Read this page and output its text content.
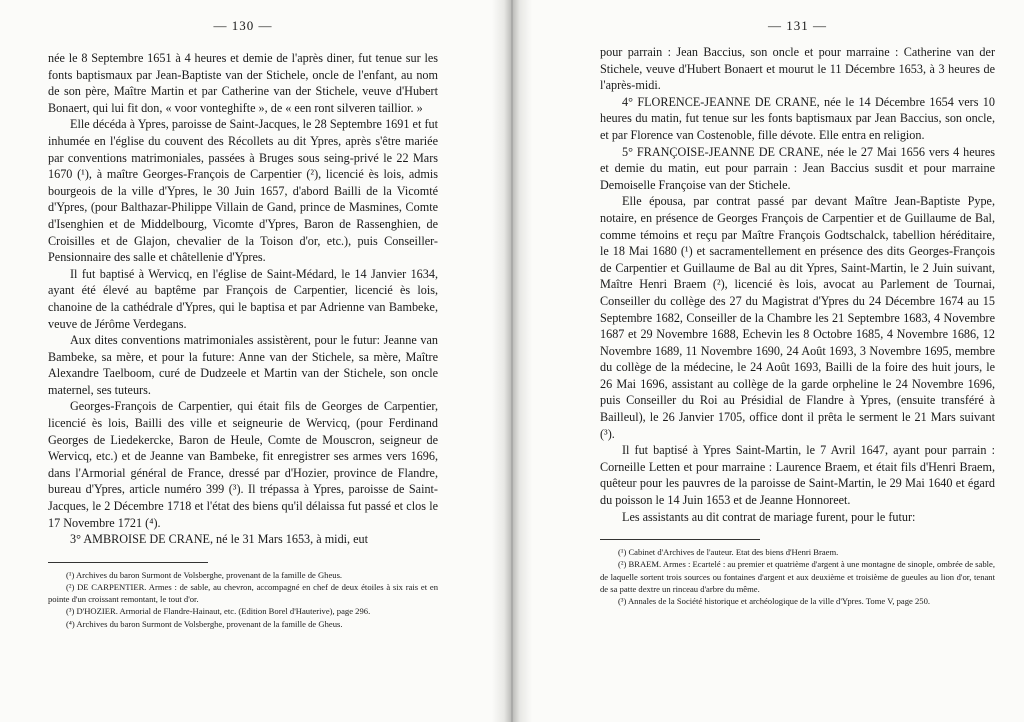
— 130 —

née le 8 Septembre 1651 à 4 heures et demie de l'après diner, fut tenue sur les fonts baptismaux par Jean-Baptiste van der Stichele, oncle de l'enfant, au nom de son père, Maître Martin et par Catherine van der Stichele, veuve d'Hubert Bonaert, qui lui fit don, « voor vonteghifte », de « een ront silveren taillior. »

Elle décéda à Ypres, paroisse de Saint-Jacques, le 28 Septembre 1691 et fut inhumée en l'église du couvent des Récollets au dit Ypres, après s'être mariée par conventions matrimoniales, passées à Bruges sous seing-privé le 22 Mars 1670 (¹), à maître Georges-François de Carpentier (²), licencié ès lois, admis bourgeois de la ville d'Ypres, le 30 Juin 1657, d'abord Bailli de la Vicomté d'Ypres, (pour Balthazar-Philippe Villain de Gand, prince de Masmines, Comte d'Isenghien et de Middelbourg, Vicomte d'Ypres, Baron de Rassenghien, de Croisilles et de Glajon, chevalier de la Toison d'or, etc.), puis Conseiller-Pensionnaire des salle et châtellenie d'Ypres.

Il fut baptisé à Wervicq, en l'église de Saint-Médard, le 14 Janvier 1634, ayant été élevé au baptême par François de Carpentier, licencié ès lois, chanoine de la cathédrale d'Ypres, qui le baptisa et par Adrienne van Bambeke, veuve de Jérôme Verdegans.

Aux dites conventions matrimoniales assistèrent, pour le futur: Jeanne van Bambeke, sa mère, et pour la future: Anne van der Stichele, sa mère, Maître Alexandre Taelboom, curé de Dudzeele et Martin van der Stichele, son oncle maternel, ses tuteurs.

Georges-François de Carpentier, qui était fils de Georges de Carpentier, licencié ès lois, Bailli des ville et seigneurie de Wervicq, (pour Ferdinand Georges de Liedekercke, Baron de Heule, Comte de Mouscron, seigneur de Wervicq, etc.) et de Jeanne van Bambeke, fit enregistrer ses armes vers 1696, dans l'Armorial général de France, dressé par d'Hozier, province de Flandre, bureau d'Ypres, article numéro 399 (³). Il trépassa à Ypres, paroisse de Saint-Jacques, le 2 Décembre 1718 et l'état des biens qu'il délaissa fut passé et clos le 17 Novembre 1721 (⁴).

3° AMBROISE DE CRANE, né le 31 Mars 1653, à midi, eut

(¹) Archives du baron Surmont de Volsberghe, provenant de la famille de Gheus.

(²) DE CARPENTIER. Armes : de sable, au chevron, accompagné en chef de deux étoiles à six rais et en pointe d'un croissant remontant, le tout d'or.

(³) D'HOZIER. Armorial de Flandre-Hainaut, etc. (Edition Borel d'Hauterive), page 296.

(⁴) Archives du baron Surmont de Volsberghe, provenant de la famille de Gheus.

— 131 —

pour parrain : Jean Baccius, son oncle et pour marraine : Catherine van der Stichele, veuve d'Hubert Bonaert et mourut le 11 Décembre 1653, à 3 heures de l'après-midi.

4° FLORENCE-JEANNE DE CRANE, née le 14 Décembre 1654 vers 10 heures du matin, fut tenue sur les fonts baptismaux par Jean Baccius, son oncle, et par Florence van Costenoble, fille dévote. Elle entra en religion.

5° FRANÇOISE-JEANNE DE CRANE, née le 27 Mai 1656 vers 4 heures et demie du matin, eut pour parrain : Jean Baccius susdit et pour marraine Demoiselle Françoise van der Stichele.

Elle épousa, par contrat passé par devant Maître Jean-Baptiste Pype, notaire, en présence de Georges François de Carpentier et de Guillaume de Bal, comme témoins et reçu par Maître François Godtschalck, tabellion héréditaire, le 18 Mai 1680 (¹) et sacramentellement en présence des dits Georges-François de Carpentier et Guillaume de Bal au dit Ypres, Saint-Martin, le 2 Juin suivant, Maître Henri Braem (²), licencié ès lois, avocat au Parlement de Tournai, Conseiller du collège des 27 du Magistrat d'Ypres du 24 Décembre 1674 au 15 Septembre 1682, Conseiller de la Chambre les 21 Septembre 1683, 4 Novembre 1687 et 29 Novembre 1688, Echevin les 8 Octobre 1685, 4 Novembre 1686, 12 Novembre 1689, 11 Novembre 1690, 24 Août 1693, 3 Novembre 1695, membre du collège de la médecine, le 24 Août 1693, Bailli de la foire des huit jours, le 26 Mai 1696, assistant au collège de la garde orpheline le 24 Novembre 1696, puis Conseiller du Roi au Présidial de Flandre à Ypres, (ensuite transféré à Bailleul), le 26 Janvier 1705, office dont il prêta le serment le 21 Mars suivant (³).

Il fut baptisé à Ypres Saint-Martin, le 7 Avril 1647, ayant pour parrain : Corneille Letten et pour marraine : Laurence Braem, et était fils d'Henri Braem, quêteur pour les pauvres de la paroisse de Saint-Martin, le 29 Mai 1640 et égard du poisson le 14 Juin 1653 et de Jeanne Honnoreet.

Les assistants au dit contrat de mariage furent, pour le futur:

(¹) Cabinet d'Archives de l'auteur. Etat des biens d'Henri Braem.

(²) BRAEM. Armes : Ecartelé : au premier et quatrième d'argent à une montagne de sinople, ombrée de sable, de laquelle sortent trois sources ou fontaines d'argent et aux deuxième et troisième de gueules au lion d'or, tenant de sa patte dextre un rinceau d'arbre du même.

(³) Annales de la Société historique et archéologique de la ville d'Ypres. Tome V, page 250.
